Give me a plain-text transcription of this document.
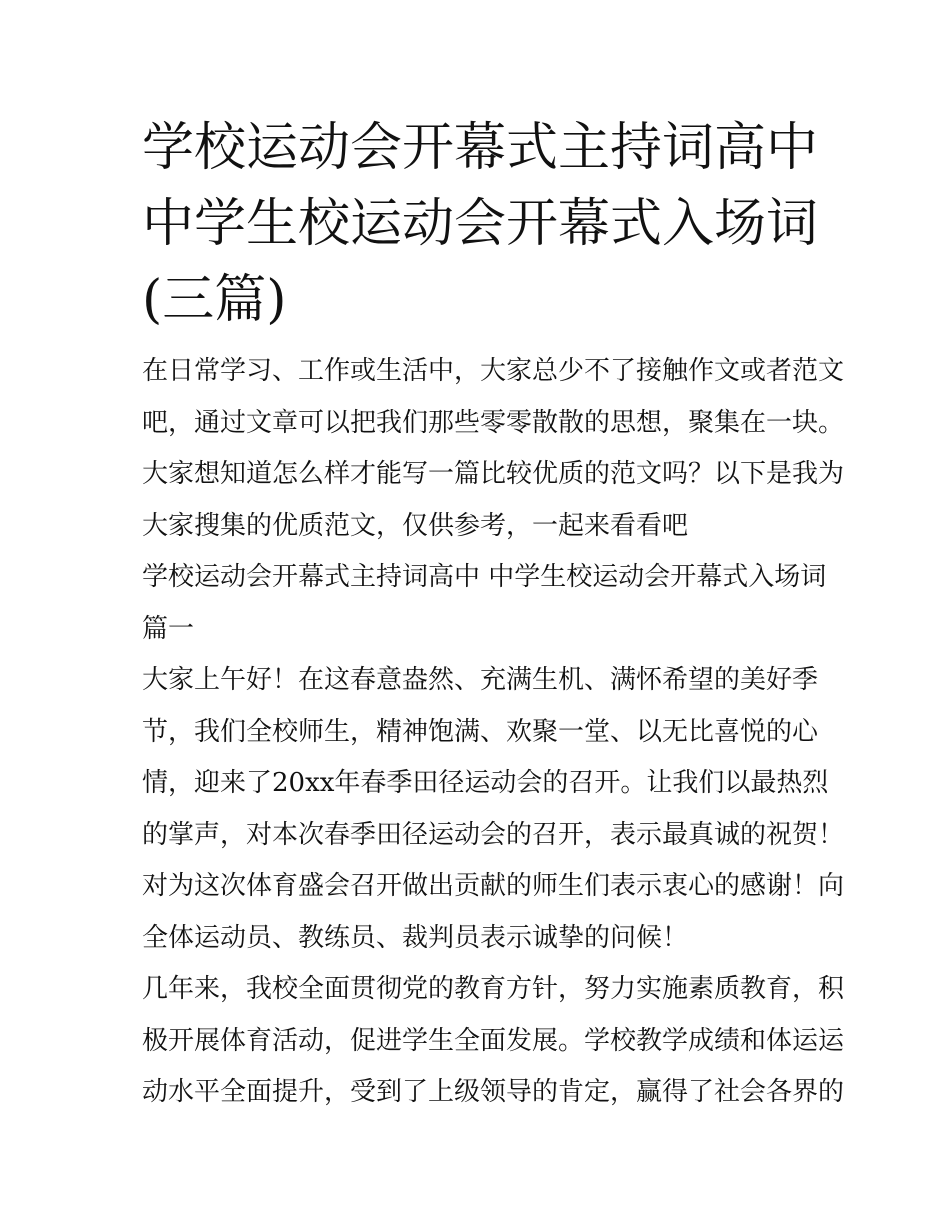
学校运动会开幕式主持词高中
中学生校运动会开幕式入场词
(三篇)

在日常学习、工作或生活中，大家总少不了接触作文或者范文
吧，通过文章可以把我们那些零零散散的思想，聚集在一块。
大家想知道怎么样才能写一篇比较优质的范文吗？以下是我为
大家搜集的优质范文，仅供参考，一起来看看吧

学校运动会开幕式主持词高中 中学生校运动会开幕式入场词
篇一

大家上午好！在这春意盎然、充满生机、满怀希望的美好季
节，我们全校师生，精神饱满、欢聚一堂、以无比喜悦的心
情，迎来了20xx年春季田径运动会的召开。让我们以最热烈
的掌声，对本次春季田径运动会的召开，表示最真诚的祝贺！
对为这次体育盛会召开做出贡献的师生们表示衷心的感谢！向
全体运动员、教练员、裁判员表示诚挚的问候！

几年来，我校全面贯彻党的教育方针，努力实施素质教育，积
极开展体育活动，促进学生全面发展。学校教学成绩和体运运
动水平全面提升，受到了上级领导的肯定，赢得了社会各界的
